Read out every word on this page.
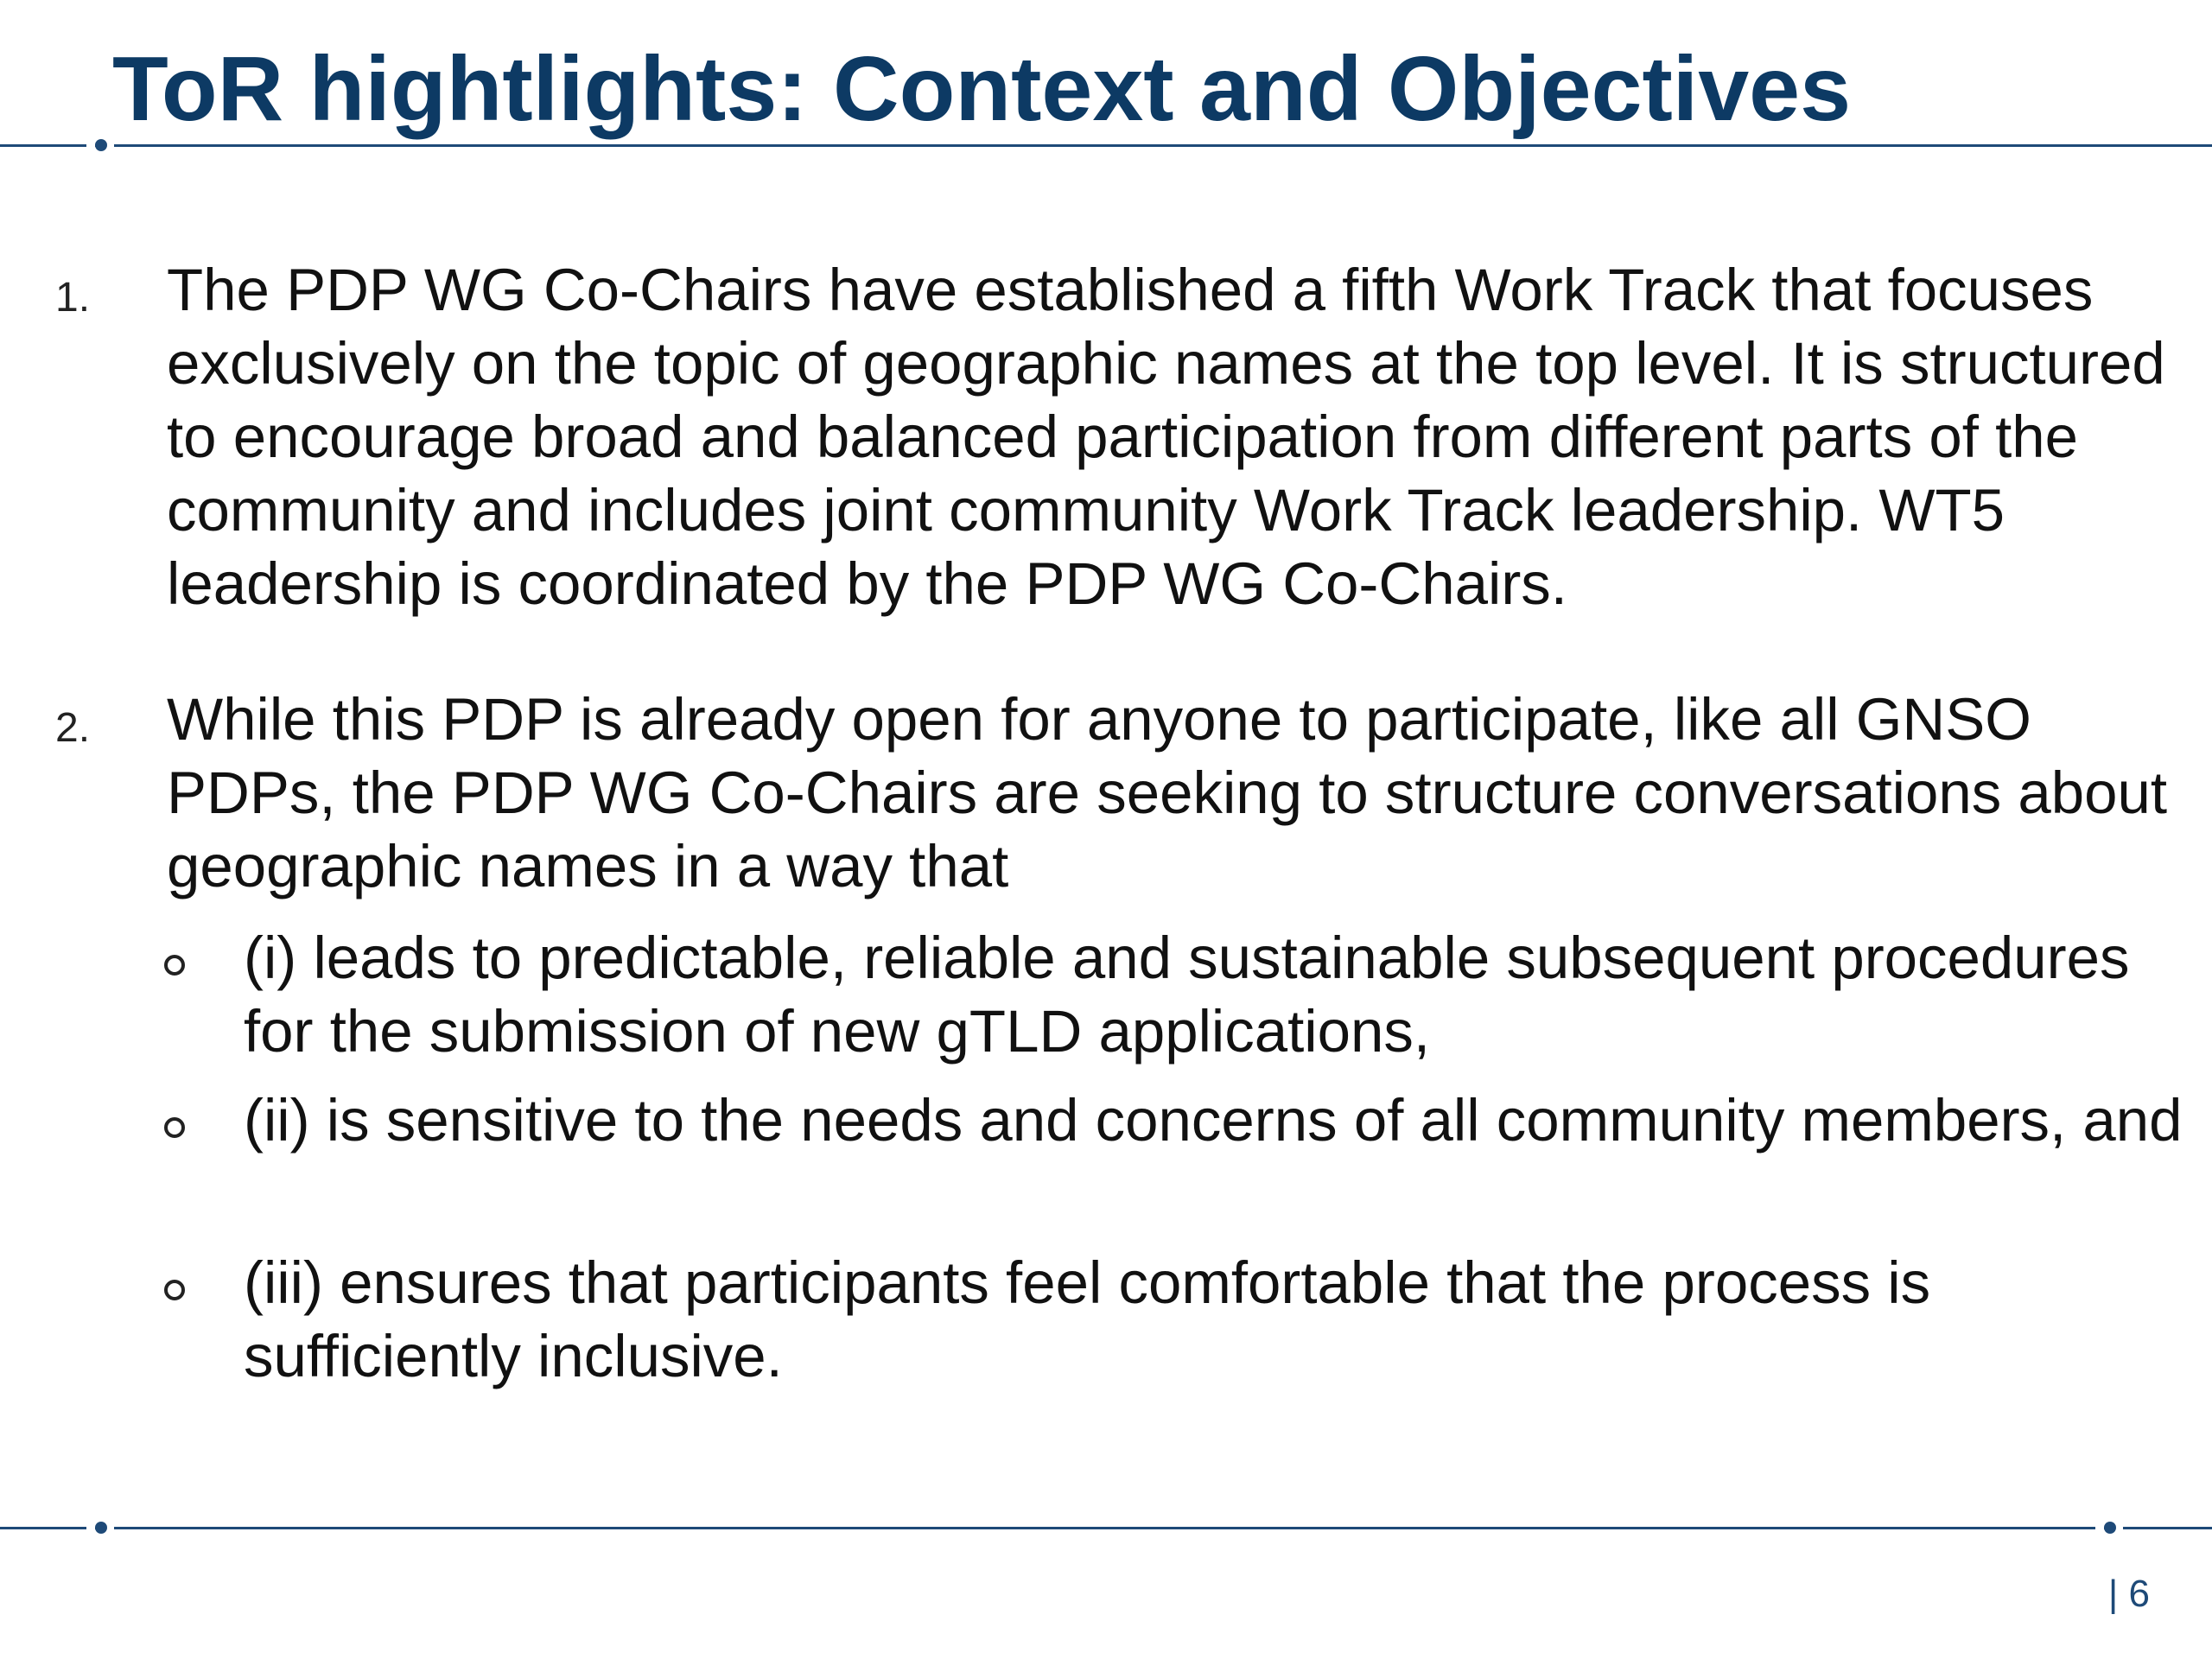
ToR hightlights: Context and Objectives
1. The PDP WG Co-Chairs have established a fifth Work Track that focuses exclusively on the topic of geographic names at the top level. It is structured to encourage broad and balanced participation from different parts of the community and includes joint community Work Track leadership. WT5 leadership is coordinated by the PDP WG Co-Chairs.

2. While this PDP is already open for anyone to participate, like all GNSO PDPs, the PDP WG Co-Chairs are seeking to structure conversations about geographic names in a way that

(i) leads to predictable, reliable and sustainable subsequent procedures for the submission of new gTLD applications,

(ii) is sensitive to the needs and concerns of all community members, and

(iii) ensures that participants feel comfortable that the process is sufficiently inclusive.

| 6
